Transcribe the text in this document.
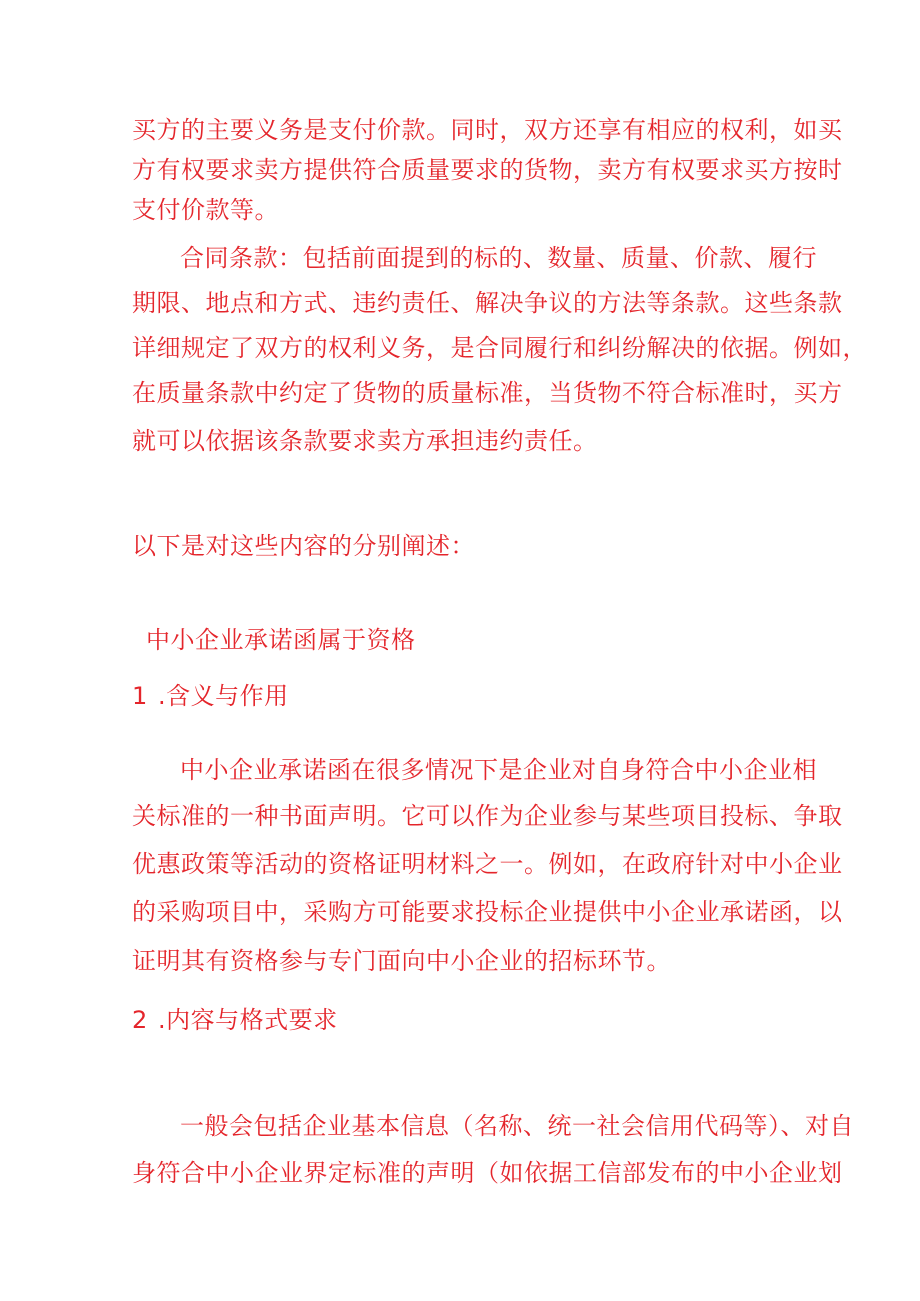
买方的主要义务是支付价款。同时，双方还享有相应的权利，如买
方有权要求卖方提供符合质量要求的货物，卖方有权要求买方按时
支付价款等。
合同条款：包括前面提到的标的、数量、质量、价款、履行
期限、地点和方式、违约责任、解决争议的方法等条款。这些条款
详细规定了双方的权利义务，是合同履行和纠纷解决的依据。例如，
在质量条款中约定了货物的质量标准，当货物不符合标准时，买方
就可以依据该条款要求卖方承担违约责任。
以下是对这些内容的分别阐述：
中小企业承诺函属于资格
1 .含义与作用
中小企业承诺函在很多情况下是企业对自身符合中小企业相
关标准的一种书面声明。它可以作为企业参与某些项目投标、争取
优惠政策等活动的资格证明材料之一。例如，在政府针对中小企业
的采购项目中，采购方可能要求投标企业提供中小企业承诺函，以
证明其有资格参与专门面向中小企业的招标环节。
2 .内容与格式要求
一般会包括企业基本信息（名称、统一社会信用代码等）、对自
身符合中小企业界定标准的声明（如依据工信部发布的中小企业划
